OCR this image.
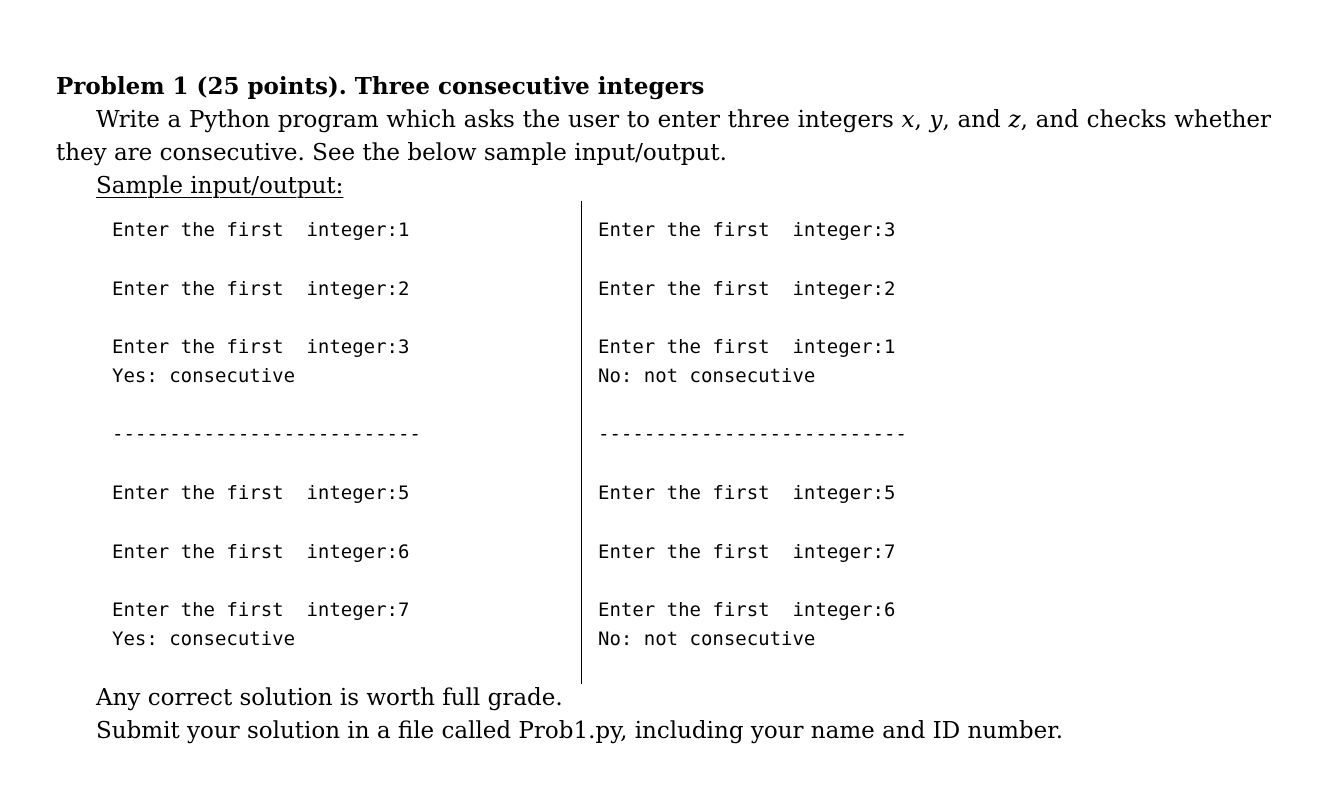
Problem 1 (25 points). Three consecutive integers

Write a Python program which asks the user to enter three integers x, y, and z, and checks whether they are consecutive. See the below sample input/output.

Sample input/output:

Enter the first  integer:1

Enter the first  integer:2

Enter the first  integer:3

Yes: consecutive

---------------------------

Enter the first  integer:5

Enter the first  integer:6

Enter the first  integer:7

Yes: consecutive

Enter the first  integer:3

Enter the first  integer:2

Enter the first  integer:1

No: not consecutive

---------------------------

Enter the first  integer:5

Enter the first  integer:7

Enter the first  integer:6

No: not consecutive

Any correct solution is worth full grade.

Submit your solution in a file called Prob1.py, including your name and ID number.
